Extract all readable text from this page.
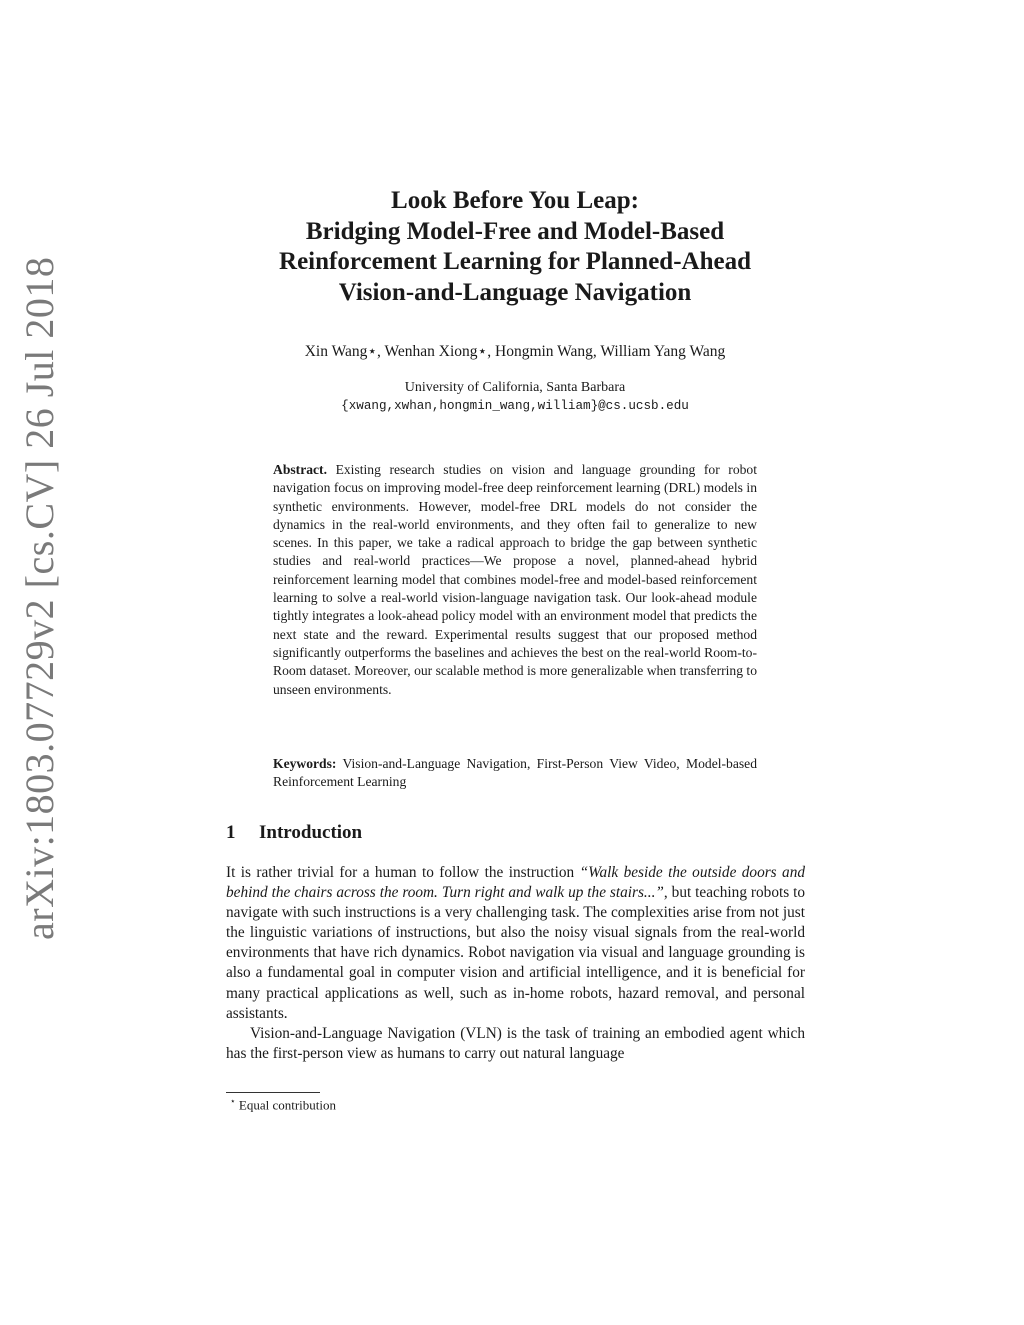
arXiv:1803.07729v2 [cs.CV] 26 Jul 2018
Look Before You Leap:
Bridging Model-Free and Model-Based
Reinforcement Learning for Planned-Ahead
Vision-and-Language Navigation
Xin Wang⋆, Wenhan Xiong⋆, Hongmin Wang, William Yang Wang
University of California, Santa Barbara
{xwang,xwhan,hongmin_wang,william}@cs.ucsb.edu
Abstract. Existing research studies on vision and language grounding for robot navigation focus on improving model-free deep reinforcement learning (DRL) models in synthetic environments. However, model-free DRL models do not consider the dynamics in the real-world environments, and they often fail to generalize to new scenes. In this paper, we take a radical approach to bridge the gap between synthetic studies and real-world practices—We propose a novel, planned-ahead hybrid reinforcement learning model that combines model-free and model-based reinforcement learning to solve a real-world vision-language navigation task. Our look-ahead module tightly integrates a look-ahead policy model with an environment model that predicts the next state and the reward. Experimental results suggest that our proposed method significantly outperforms the baselines and achieves the best on the real-world Room-to-Room dataset. Moreover, our scalable method is more generalizable when transferring to unseen environments.
Keywords: Vision-and-Language Navigation, First-Person View Video, Model-based Reinforcement Learning
1 Introduction

It is rather trivial for a human to follow the instruction “Walk beside the outside doors and behind the chairs across the room. Turn right and walk up the stairs...”, but teaching robots to navigate with such instructions is a very challenging task. The complexities arise from not just the linguistic variations of instructions, but also the noisy visual signals from the real-world environments that have rich dynamics. Robot navigation via visual and language grounding is also a fundamental goal in computer vision and artificial intelligence, and it is beneficial for many practical applications as well, such as in-home robots, hazard removal, and personal assistants.

Vision-and-Language Navigation (VLN) is the task of training an embodied agent which has the first-person view as humans to carry out natural language

⋆ Equal contribution
